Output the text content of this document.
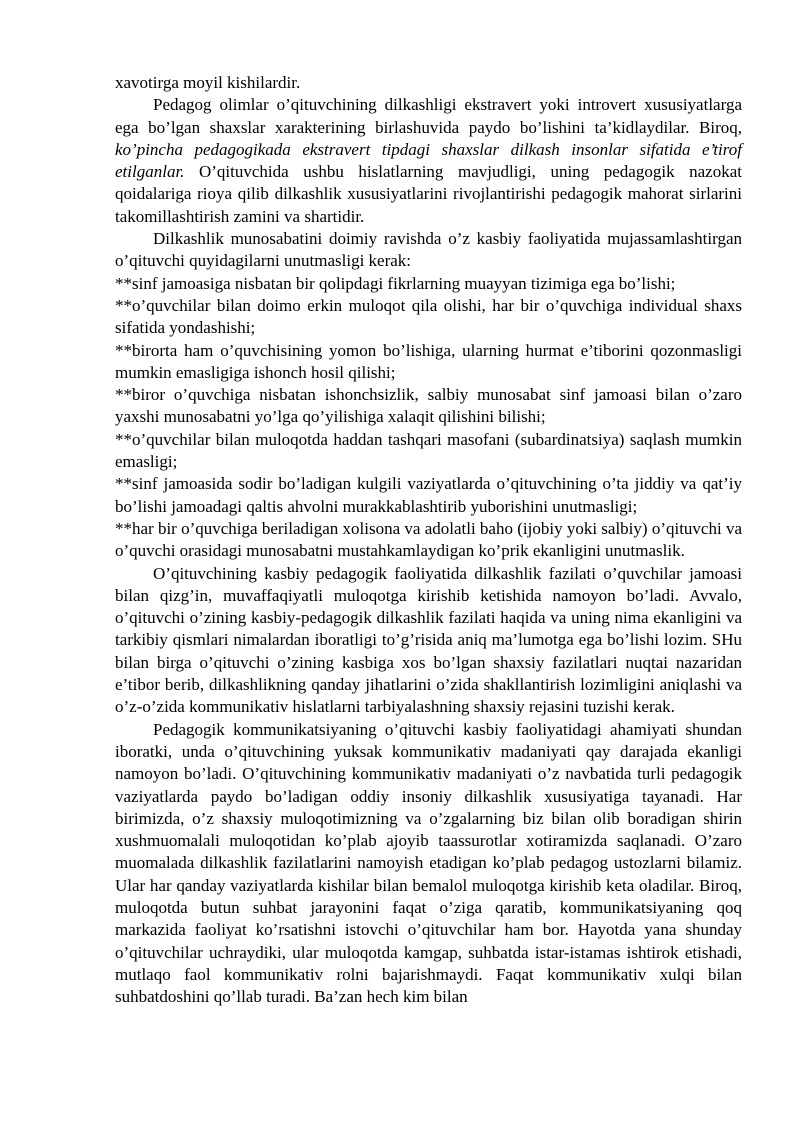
xavotirga moyil kishilardir.

Pedagog olimlar o’qituvchining dilkashligi ekstravert yoki introvert xususiyatlarga ega bo’lgan shaxslar xarakterining birlashuvida paydo bo’lishini ta’kidlaydilar. Biroq, ko’pincha pedagogikada ekstravert tipdagi shaxslar dilkash insonlar sifatida e’tirof etilganlar. O’qituvchida ushbu hislatlarning mavjudligi, uning pedagogik nazokat qoidalariga rioya qilib dilkashlik xususiyatlarini rivojlantirishi pedagogik mahorat sirlarini takomillashtirish zamini va shartidir.

Dilkashlik munosabatini doimiy ravishda o’z kasbiy faoliyatida mujassamlashtirgan o’qituvchi quyidagilarni unutmasligi kerak:

**sinf jamoasiga nisbatan bir qolipdagi fikrlarning muayyan tizimiga ega bo’lishi;

**o’quvchilar bilan doimo erkin muloqot qila olishi, har bir o’quvchiga individual shaxs sifatida yondashishi;

**birorta ham o’quvchisining yomon bo’lishiga, ularning hurmat e’tiborini qozonmasligi mumkin emasligiga ishonch hosil qilishi;

**biror o’quvchiga nisbatan ishonchsizlik, salbiy munosabat sinf jamoasi bilan o’zaro yaxshi munosabatni yo’lga qo’yilishiga xalaqit qilishini bilishi;

**o’quvchilar bilan muloqotda haddan tashqari masofani (subardinatsiya) saqlash mumkin emasligi;

**sinf jamoasida sodir bo’ladigan kulgili vaziyatlarda o’qituvchining o’ta jiddiy va qat’iy bo’lishi jamoadagi qaltis ahvolni murakkablashtirib yuborishini unutmasligi;

**har bir o’quvchiga beriladigan xolisona va adolatli baho (ijobiy yoki salbiy) o’qituvchi va o’quvchi orasidagi munosabatni mustahkamlaydigan ko’prik ekanligini unutmaslik.

O’qituvchining kasbiy pedagogik faoliyatida dilkashlik fazilati o’quvchilar jamoasi bilan qizg’in, muvaffaqiyatli muloqotga kirishib ketishida namoyon bo’ladi. Avvalo, o’qituvchi o’zining kasbiy-pedagogik dilkashlik fazilati haqida va uning nima ekanligini va tarkibiy qismlari nimalardan iboratligi to’g’risida aniq ma’lumotga ega bo’lishi lozim. SHu bilan birga o’qituvchi o’zining kasbiga xos bo’lgan shaxsiy fazilatlari nuqtai nazaridan e’tibor berib, dilkashlikning qanday jihatlarini o’zida shakllantirish lozimligini aniqlashi va o’z-o’zida kommunikativ hislatlarni tarbiyalashning shaxsiy rejasini tuzishi kerak.

Pedagogik kommunikatsiyaning o’qituvchi kasbiy faoliyatidagi ahamiyati shundan iboratki, unda o’qituvchining yuksak kommunikativ madaniyati qay darajada ekanligi namoyon bo’ladi. O’qituvchining kommunikativ madaniyati o’z navbatida turli pedagogik vaziyatlarda paydo bo’ladigan oddiy insoniy dilkashlik xususiyatiga tayanadi. Har birimizda, o’z shaxsiy muloqotimizning va o’zgalarning biz bilan olib boradigan shirin xushmuomalali muloqotidan ko’plab ajoyib taassurotlar xotiramizda saqlanadi. O’zaro muomalada dilkashlik fazilatlarini namoyish etadigan ko’plab pedagog ustozlarni bilamiz. Ular har qanday vaziyatlarda kishilar bilan bemalol muloqotga kirishib keta oladilar. Biroq, muloqotda butun suhbat jarayonini faqat o’ziga qaratib, kommunikatsiyaning qoq markazida faoliyat ko’rsatishni istovchi o’qituvchilar ham bor. Hayotda yana shunday o’qituvchilar uchraydiki, ular muloqotda kamgap, suhbatda istar-istamas ishtirok etishadi, mutlaqo faol kommunikativ rolni bajarishmaydi. Faqat kommunikativ xulqi bilan suhbatdoshini qo’llab turadi. Ba’zan hech kim bilan
